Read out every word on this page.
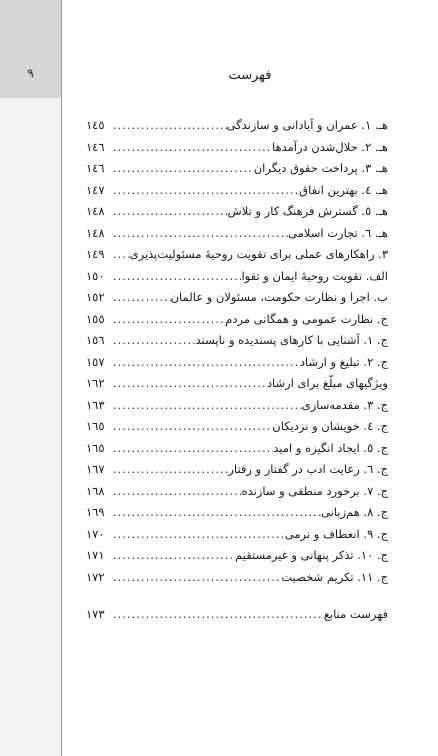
٩	فهرست
هـ. ١. عمران و آبادانی و سازندگی
.....
١٤٥
هـ. ٢. حلال‌شدن درآمدها
.....
١٤٦
هـ. ٣. پرداخت حقوق دیگران
.....
١٤٦
هـ. ٤. بهترین انفاق
.....
١٤٧
هـ. ٥. گسترش فرهنگ کار و تلاش
.....
١٤٨
هـ. ٦. تجارت اسلامی
.....
١٤٨
٣. راهکارهای عملی برای تقویت روحیهٔ مسئولیت‌پذیری
.....
١٤٩
الف. تقویت روحیهٔ ایمان و تقوا
.....
١٥٠
ب. اجرا و نظارت حکومت، مسئولان و عالمان
.....
١٥٢
ج. نظارت عمومی و همگانی مردم
.....
١٥٥
ج. ١. آشنایی با کارهای پسندیده و ناپسند
.....
١٥٦
ج. ٢. تبلیغ و ارشاد
.....
١٥٧
ویژگیهای مبلّغ برای ارشاد
.....
١٦٢
ج. ٣. مقدمه‌سازی
.....
١٦٣
ج. ٤. خویشان و نزدیکان
.....
١٦٥
ج. ٥. ایجاد انگیزه و امید
.....
١٦٥
ج. ٦. رعایت ادب در گفتار و رفتار
.....
١٦٧
ج. ٧. برخورد منطقی و سازنده
.....
١٦٨
ج. ٨. هم‌زبانی
.....
١٦٩
ج. ٩. انعطاف و نرمی
.....
١٧٠
ج. ١٠. تذکر پنهانی و غیرمستقیم
.....
١٧١
ج. ١١. تکریم شخصیت
.....
١٧٢
فهرست منابع
.....
١٧٣
